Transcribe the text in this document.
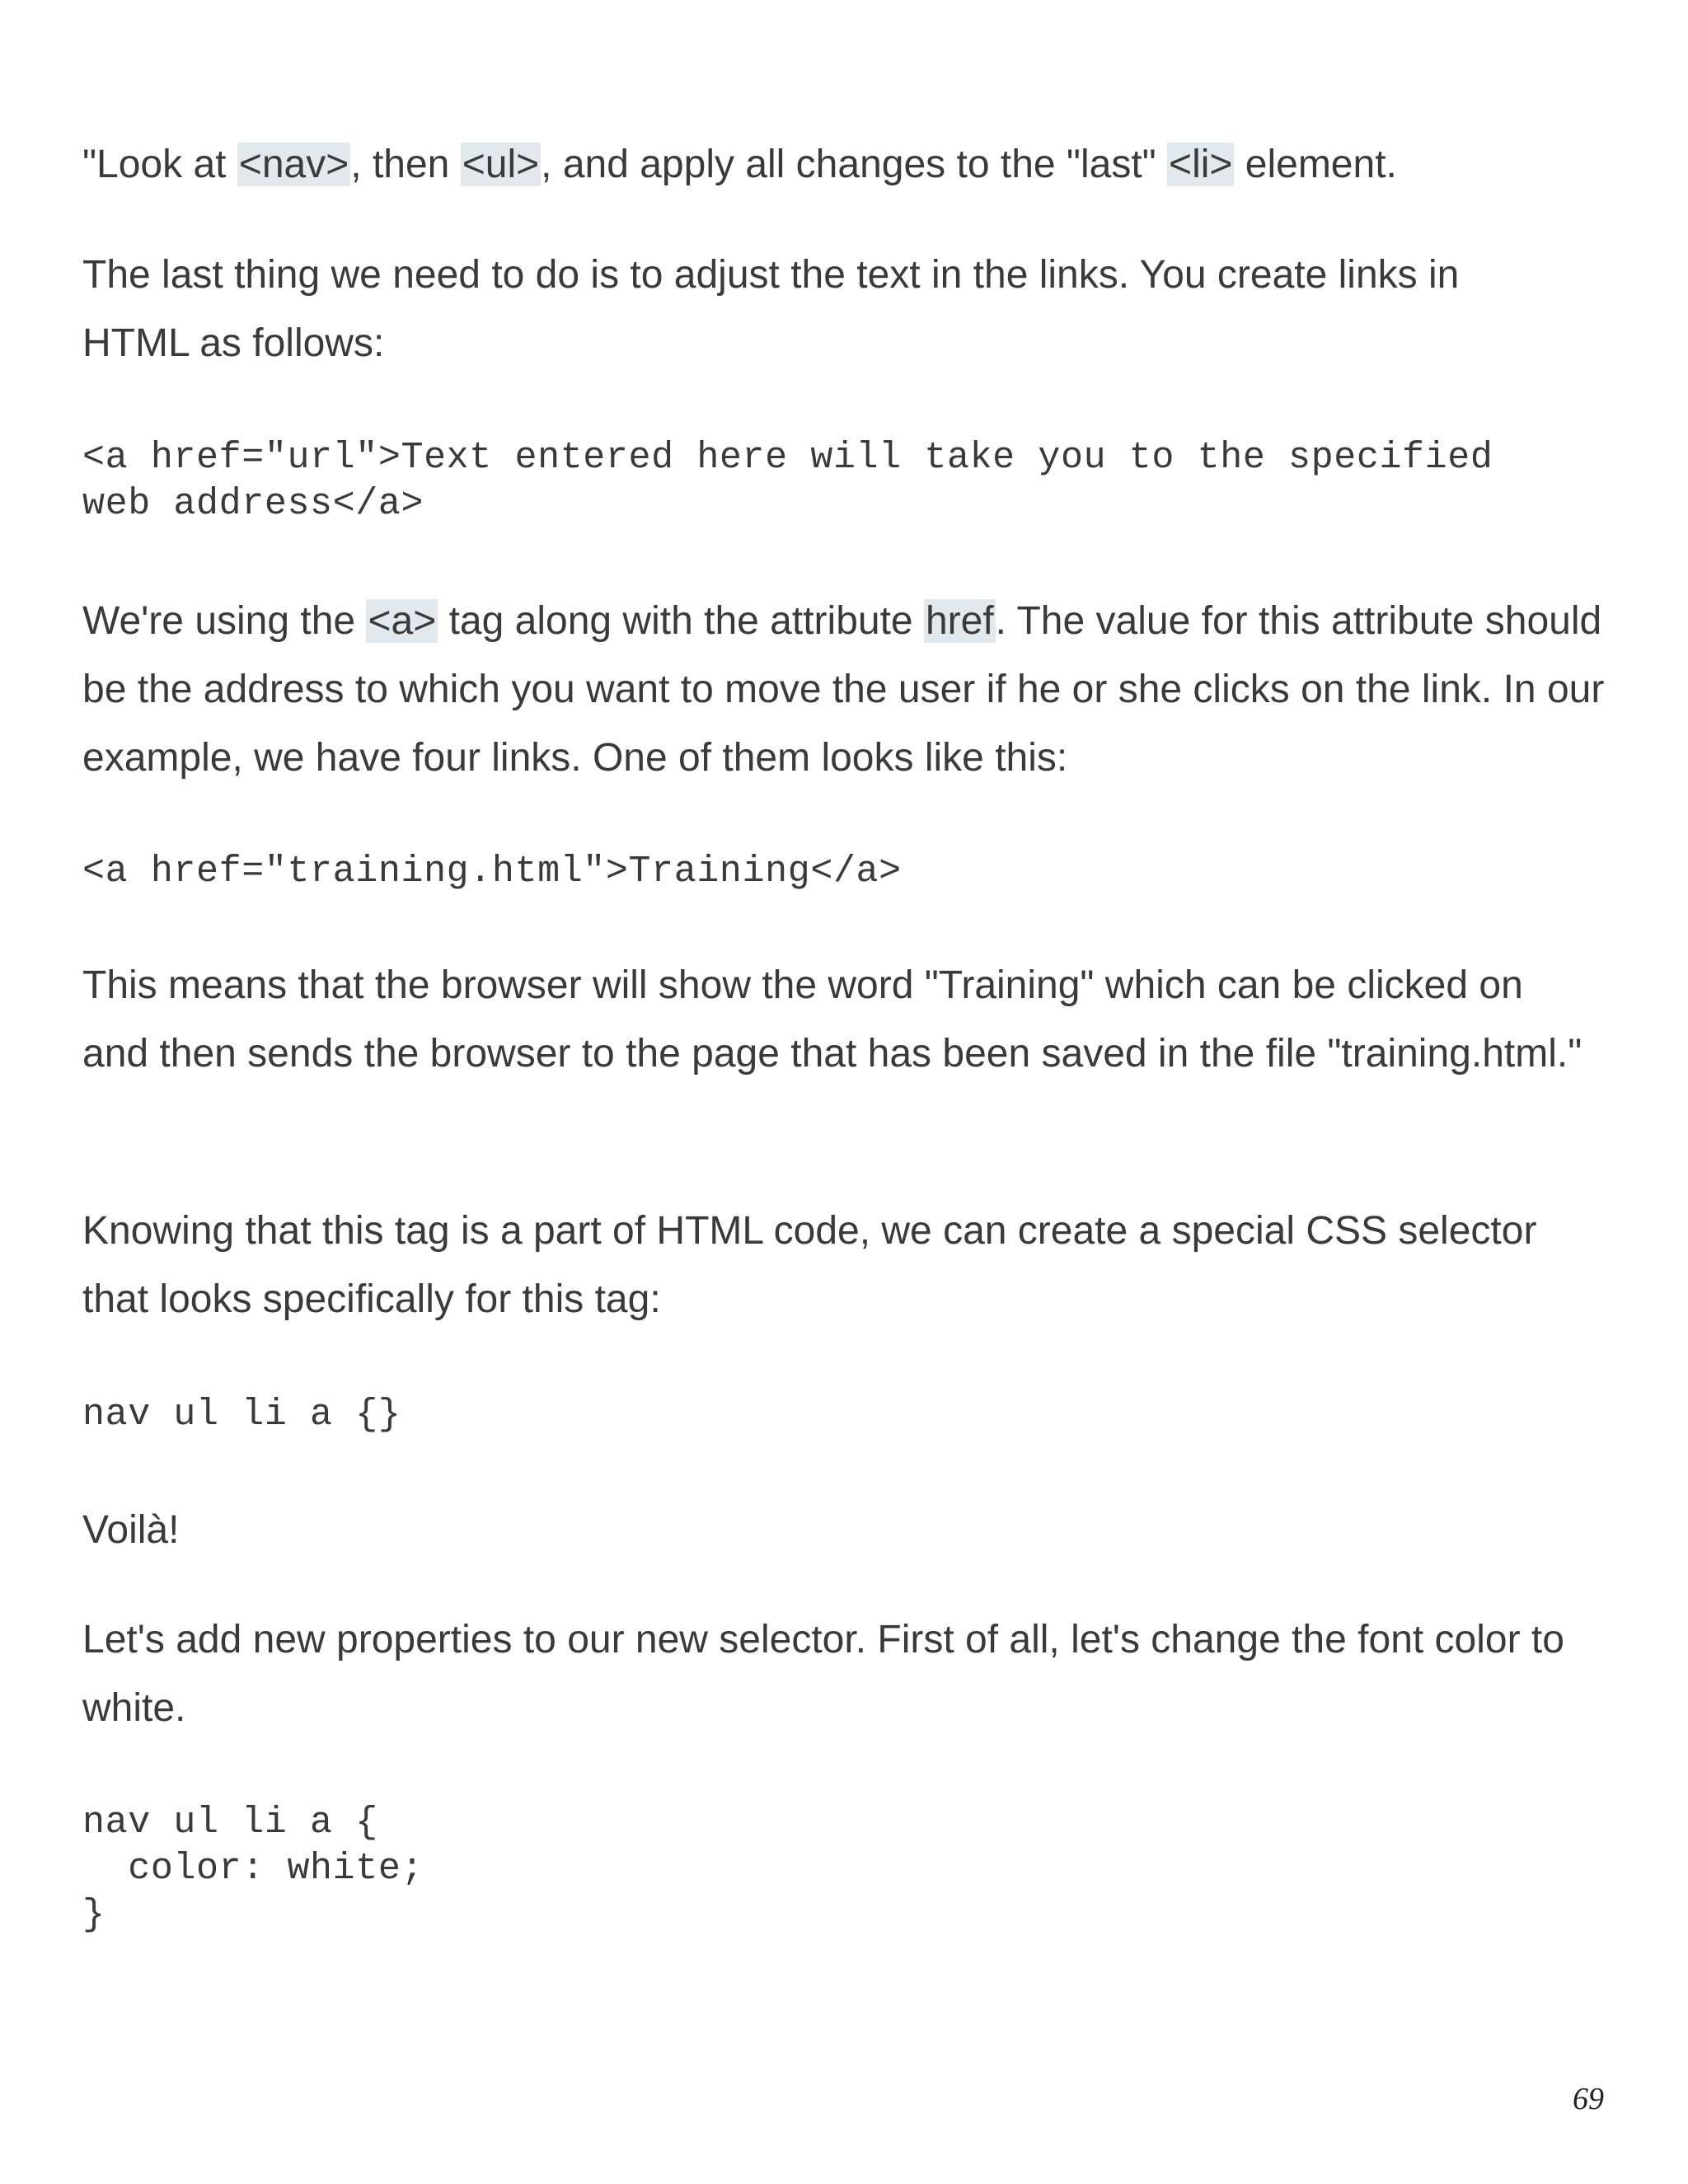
"Look at <nav>, then <ul>, and apply all changes to the "last" <li> element.

The last thing we need to do is to adjust the text in the links. You create links in HTML as follows:

<a href="url">Text entered here will take you to the specified
web address</a>

We're using the <a> tag along with the attribute href. The value for this attribute should be the address to which you want to move the user if he or she clicks on the link. In our example, we have four links. One of them looks like this:

<a href="training.html">Training</a>

This means that the browser will show the word "Training" which can be clicked on and then sends the browser to the page that has been saved in the file "training.html."

Knowing that this tag is a part of HTML code, we can create a special CSS selector that looks specifically for this tag:

nav ul li a {}

Voilà!

Let's add new properties to our new selector. First of all, let's change the font color to white.

nav ul li a {
color: white;
}
69
